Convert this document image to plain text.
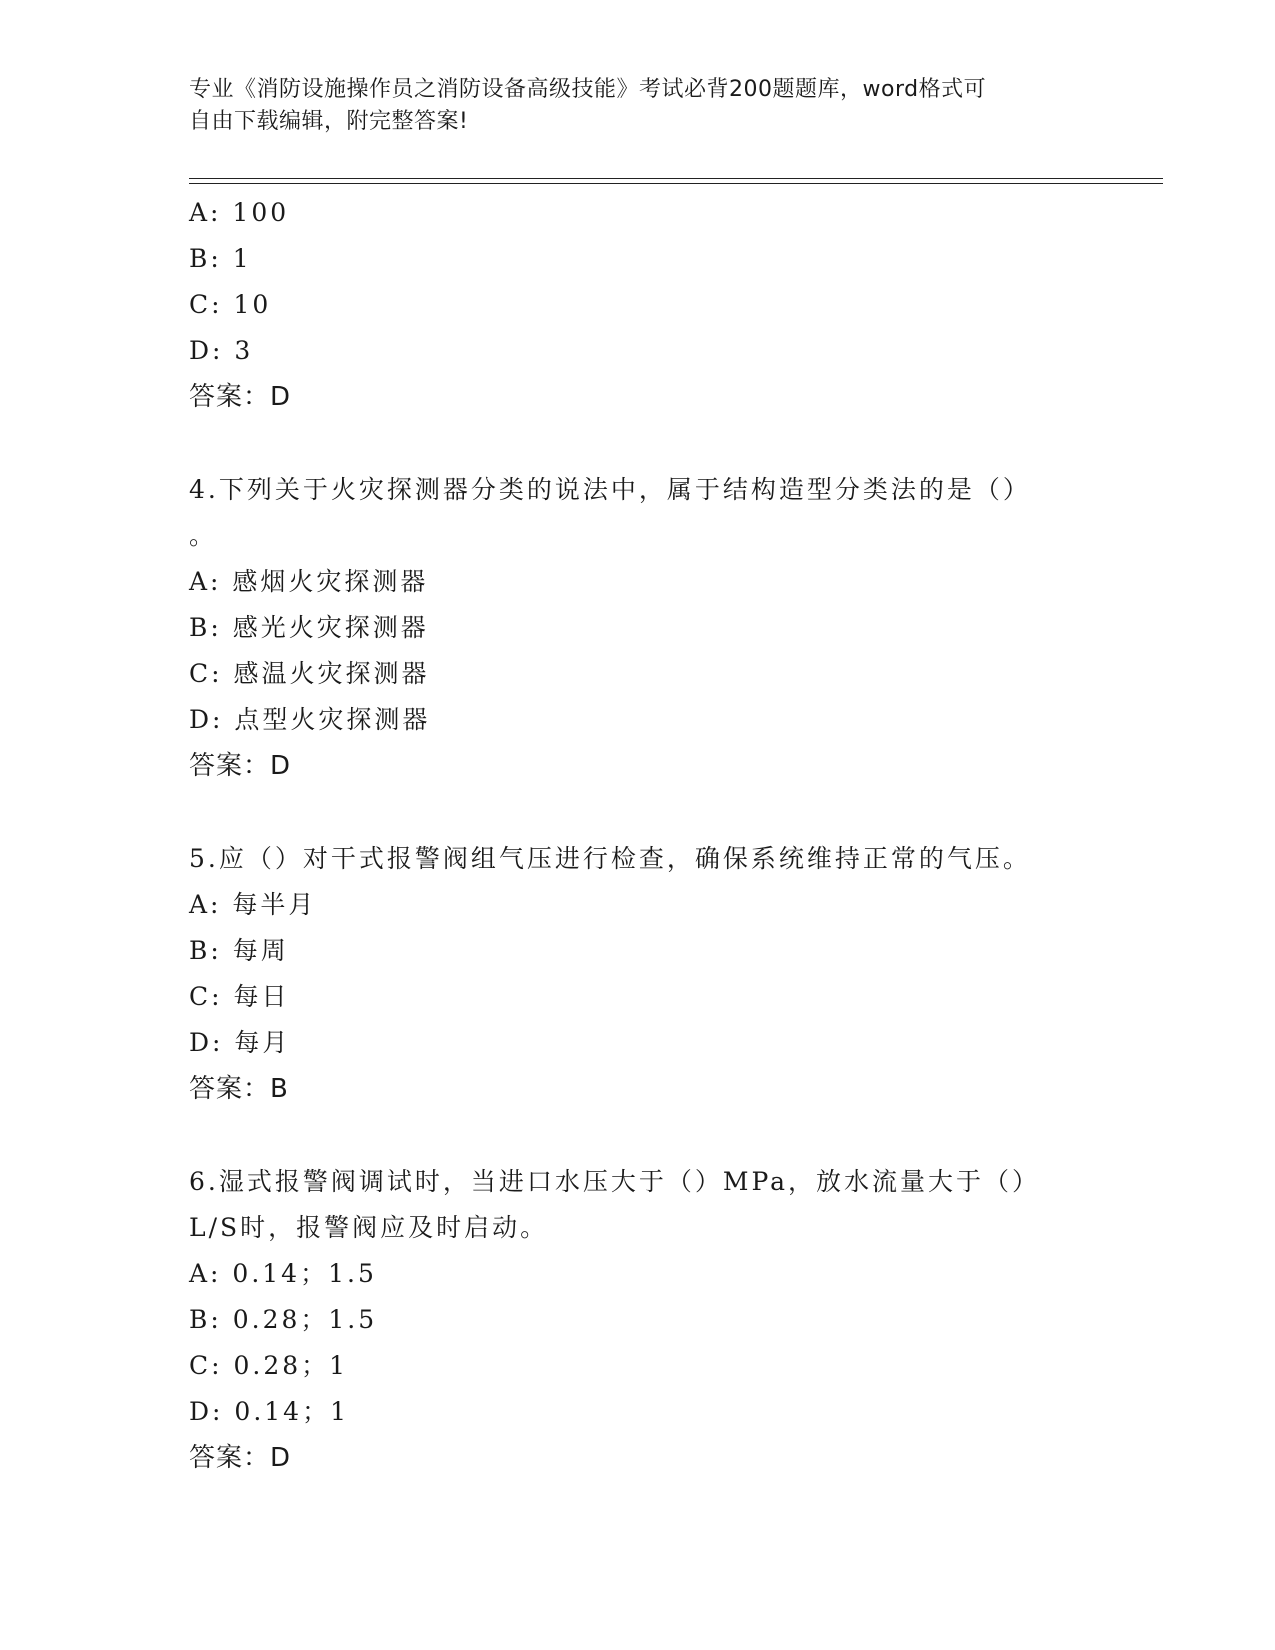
专业《消防设施操作员之消防设备高级技能》考试必背200题题库，word格式可
自由下载编辑，附完整答案!
A: 100
B: 1
C: 10
D: 3
答案：D
4.下列关于火灾探测器分类的说法中，属于结构造型分类法的是（）
。
A: 感烟火灾探测器
B: 感光火灾探测器
C: 感温火灾探测器
D: 点型火灾探测器
答案：D
5.应（）对干式报警阀组气压进行检查，确保系统维持正常的气压。
A: 每半月
B: 每周
C: 每日
D: 每月
答案：B
6.湿式报警阀调试时，当进口水压大于（）MPa，放水流量大于（）
L/S时，报警阀应及时启动。
A: 0.14；1.5
B: 0.28；1.5
C: 0.28；1
D: 0.14；1
答案：D
